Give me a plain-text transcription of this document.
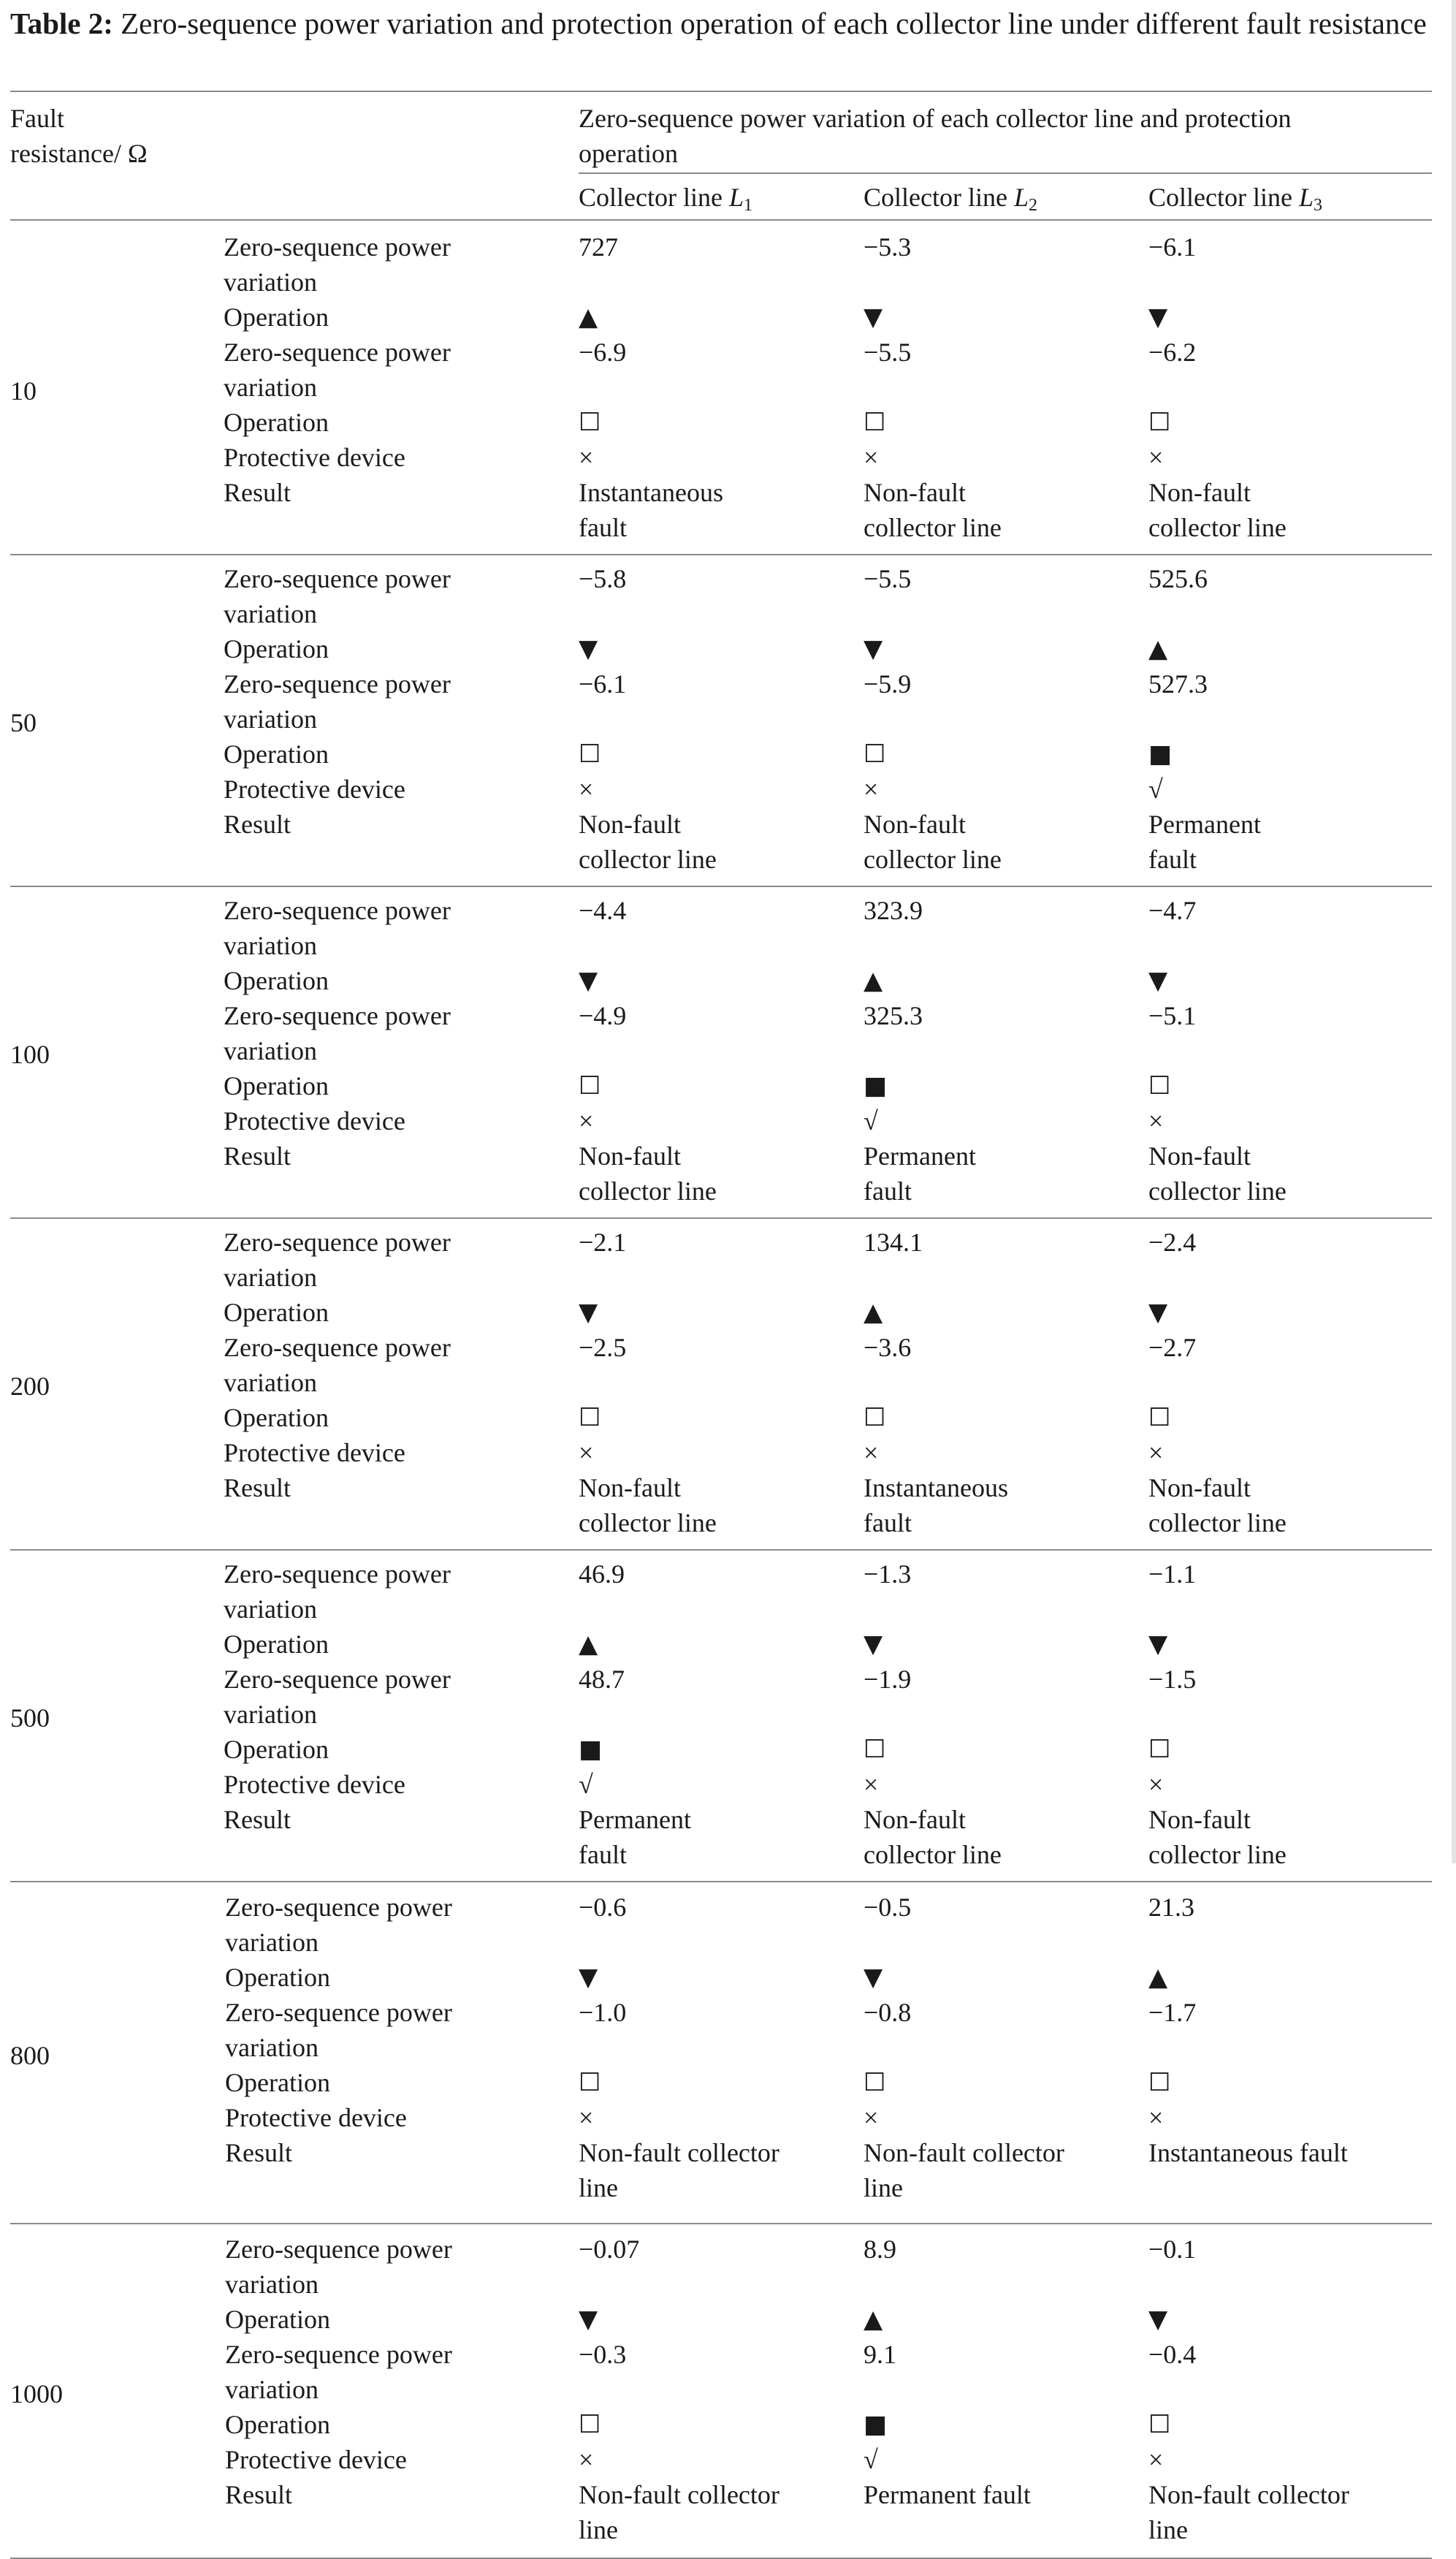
Table 2: Zero-sequence power variation and protection operation of each collector line under different fault resistance
Fault
resistance/ Ω
Zero-sequence power variation of each collector line and protection
operation
Collector line $L_1$	Collector line $L_2$	Collector line $L_3$
10
Zero-sequence power
variation
Operation
Zero-sequence power
variation
Operation
Protective device
Result
727
▲
−6.9
☐
×
Instantaneous
fault
−5.3
▼
−5.5
☐
×
Non-fault
collector line
−6.1
▼
−6.2
☐
×
Non-fault
collector line
50
Zero-sequence power
variation
Operation
Zero-sequence power
variation
Operation
Protective device
Result
−5.8
▼
−6.1
☐
×
Non-fault
collector line
−5.5
▼
−5.9
☐
×
Non-fault
collector line
525.6
▲
527.3
■
√
Permanent
fault
100
Zero-sequence power
variation
Operation
Zero-sequence power
variation
Operation
Protective device
Result
−4.4
▼
−4.9
☐
×
Non-fault
collector line
323.9
▲
325.3
■
√
Permanent
fault
−4.7
▼
−5.1
☐
×
Non-fault
collector line
200
Zero-sequence power
variation
Operation
Zero-sequence power
variation
Operation
Protective device
Result
−2.1
▼
−2.5
☐
×
Non-fault
collector line
134.1
▲
−3.6
☐
×
Instantaneous
fault
−2.4
▼
−2.7
☐
×
Non-fault
collector line
500
Zero-sequence power
variation
Operation
Zero-sequence power
variation
Operation
Protective device
Result
46.9
▲
48.7
■
√
Permanent
fault
−1.3
▼
−1.9
☐
×
Non-fault
collector line
−1.1
▼
−1.5
☐
×
Non-fault
collector line
800
Zero-sequence power
variation
Operation
Zero-sequence power
variation
Operation
Protective device
Result
−0.6
▼
−1.0
☐
×
Non-fault collector
line
−0.5
▼
−0.8
☐
×
Non-fault collector
line
21.3
▲
−1.7
☐
×
Instantaneous fault
1000
Zero-sequence power
variation
Operation
Zero-sequence power
variation
Operation
Protective device
Result
−0.07
▼
−0.3
☐
×
Non-fault collector
line
8.9
▲
9.1
■
√
Permanent fault
−0.1
▼
−0.4
☐
×
Non-fault collector
line
